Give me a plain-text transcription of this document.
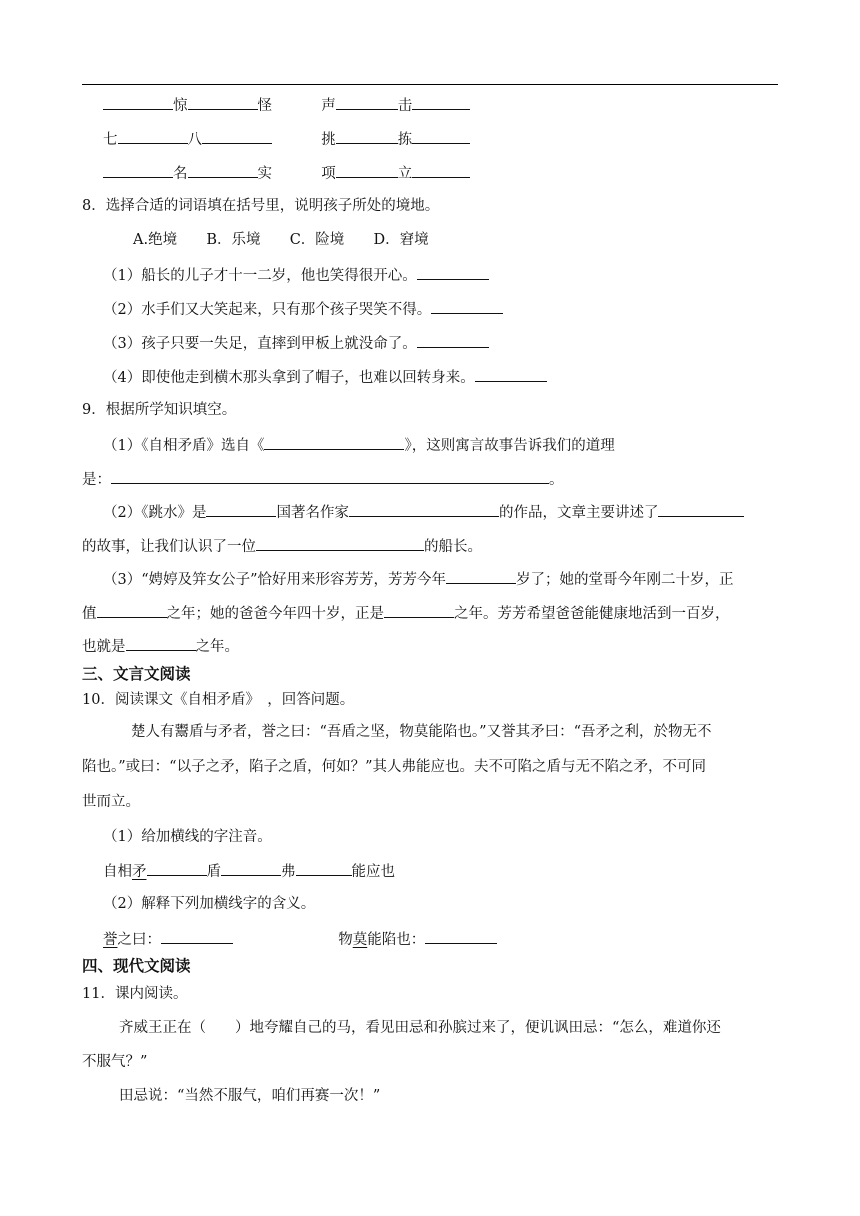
惊	怪	声	击
七	八	挑	拣
名	实	项	立
8．选择合适的词语填在括号里，说明孩子所处的境地。
A.绝境 B．乐境 C．险境 D．窘境
（1）船长的儿子才十一二岁，他也笑得很开心。
（2）水手们又大笑起来，只有那个孩子哭笑不得。
（3）孩子只要一失足，直摔到甲板上就没命了。
（4）即使他走到横木那头拿到了帽子，也难以回转身来。
9．根据所学知识填空。
（1）《自相矛盾》选自《	》，这则寓言故事告诉我们的道理
是：	。
（2）《跳水》是	国著名作家	的作品，文章主要讲述了
的故事，让我们认识了一位	的船长。
（3）“娉婷及笄女公子”恰好用来形容芳芳，芳芳今年	岁了；她的堂哥今年刚二十岁，正
值	之年；她的爸爸今年四十岁，正是	之年。芳芳希望爸爸能健康地活到一百岁，
也就是	之年。
三、文言文阅读
10．阅读课文《自相矛盾》　，回答问题。
楚人有鬻盾与矛者，誉之曰：“吾盾之坚，物莫能陷也。”又誉其矛曰：“吾矛之利，於物无不
陷也。”或曰：“以子之矛，陷子之盾，何如？”其人弗能应也。夫不可陷之盾与无不陷之矛，不可同
世而立。
（1）给加横线的字注音。
自相矛	盾	弗	能应也
（2）解释下列加横线字的含义。
誉之曰：	物莫能陷也：
四、现代文阅读
11．课内阅读。
齐威王正在（　　）地夸耀自己的马，看见田忌和孙膑过来了，便讥讽田忌：“怎么，难道你还
不服气？”
田忌说：“当然不服气，咱们再赛一次！”
